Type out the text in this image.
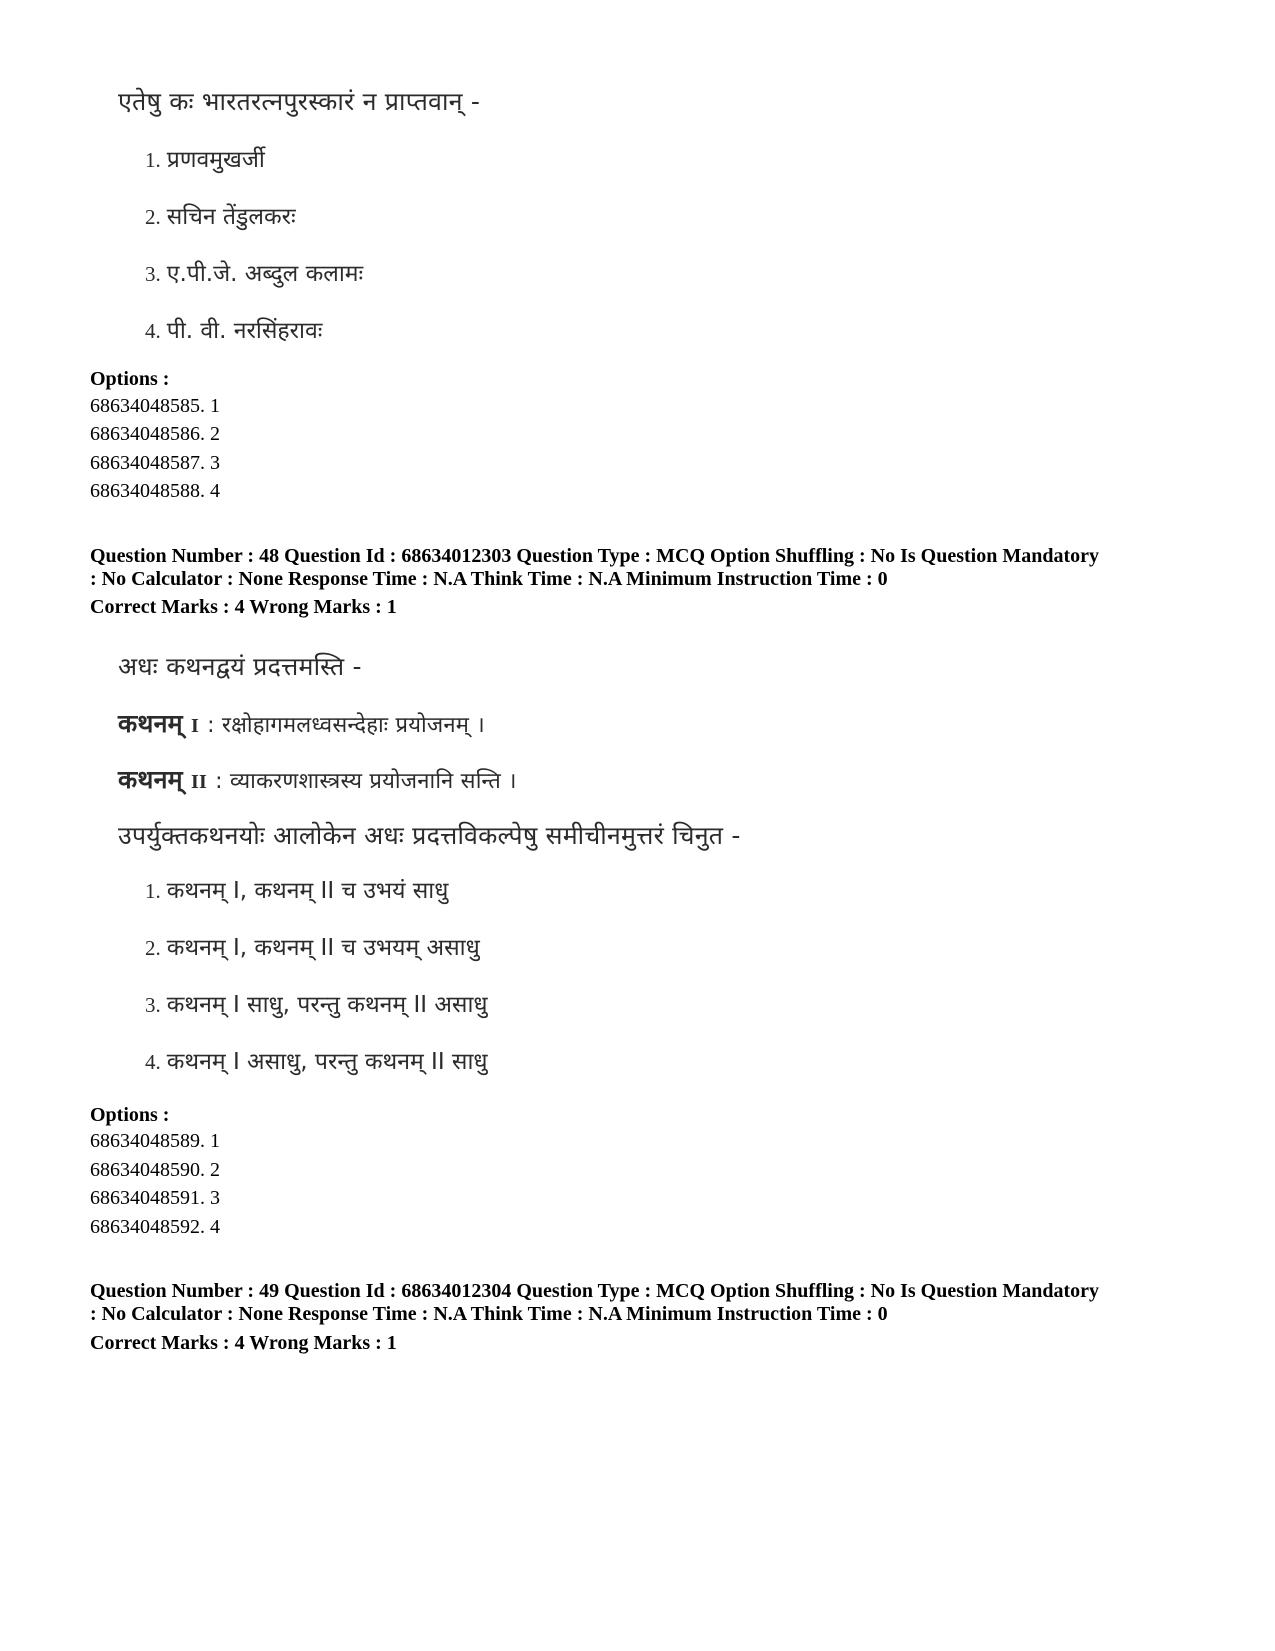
एतेषु कः भारतरत्नपुरस्कारं न प्राप्तवान् -
1. प्रणवमुखर्जी
2. सचिन तेंडुलकरः
3. ए.पी.जे. अब्दुल कलामः
4. पी. वी. नरसिंहरावः
Options :
68634048585. 1
68634048586. 2
68634048587. 3
68634048588. 4
Question Number : 48 Question Id : 68634012303 Question Type : MCQ Option Shuffling : No Is Question Mandatory
: No Calculator : None Response Time : N.A Think Time : N.A Minimum Instruction Time : 0
Correct Marks : 4 Wrong Marks : 1
अधः कथनद्वयं प्रदत्तमस्ति -
कथनम् I : रक्षोहागमलध्वसन्देहाः प्रयोजनम् ।
कथनम् II : व्याकरणशास्त्रस्य प्रयोजनानि सन्ति ।
उपर्युक्तकथनयोः आलोकेन अधः प्रदत्तविकल्पेषु समीचीनमुत्तरं चिनुत -
1. कथनम् I, कथनम् II च उभयं साधु
2. कथनम् I, कथनम् II च उभयम् असाधु
3. कथनम् I साधु, परन्तु कथनम् II असाधु
4. कथनम् I असाधु, परन्तु कथनम् II साधु
Options :
68634048589. 1
68634048590. 2
68634048591. 3
68634048592. 4
Question Number : 49 Question Id : 68634012304 Question Type : MCQ Option Shuffling : No Is Question Mandatory
: No Calculator : None Response Time : N.A Think Time : N.A Minimum Instruction Time : 0
Correct Marks : 4 Wrong Marks : 1
